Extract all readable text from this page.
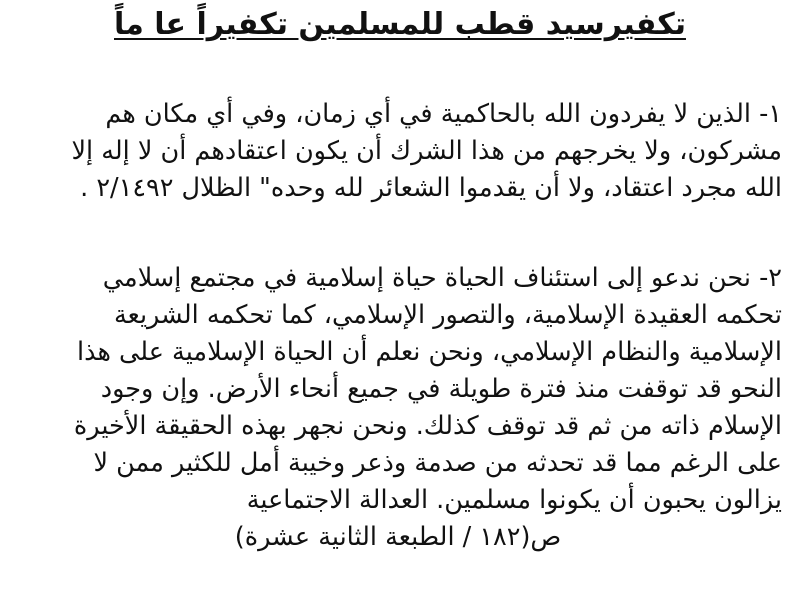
تكفيرسيد قطب للمسلمين تكفيراً عا ماً
١- الذين لا يفردون الله بالحاكمية في أي زمان، وفي أي مكان هم
مشركون، ولا يخرجهم من هذا الشرك أن يكون اعتقادهم أن لا إله إلا
الله مجرد اعتقاد، ولا أن يقدموا الشعائر لله وحده" الظلال ٢/١٤٩٢ .
٢- نحن ندعو إلى استئناف الحياة حياة إسلامية في مجتمع إسلامي
تحكمه العقيدة الإسلامية، والتصور الإسلامي، كما تحكمه الشريعة
الإسلامية والنظام الإسلامي، ونحن نعلم أن الحياة الإسلامية على هذا
النحو قد توقفت منذ فترة طويلة في جميع أنحاء الأرض. وإن وجود
الإسلام ذاته من ثم قد توقف كذلك. ونحن نجهر بهذه الحقيقة الأخيرة
على الرغم مما قد تحدثه من صدمة وذعر وخيبة أمل للكثير ممن لا
يزالون يحبون أن يكونوا مسلمين. العدالة الاجتماعية
ص(١٨٢ / الطبعة الثانية عشرة)
